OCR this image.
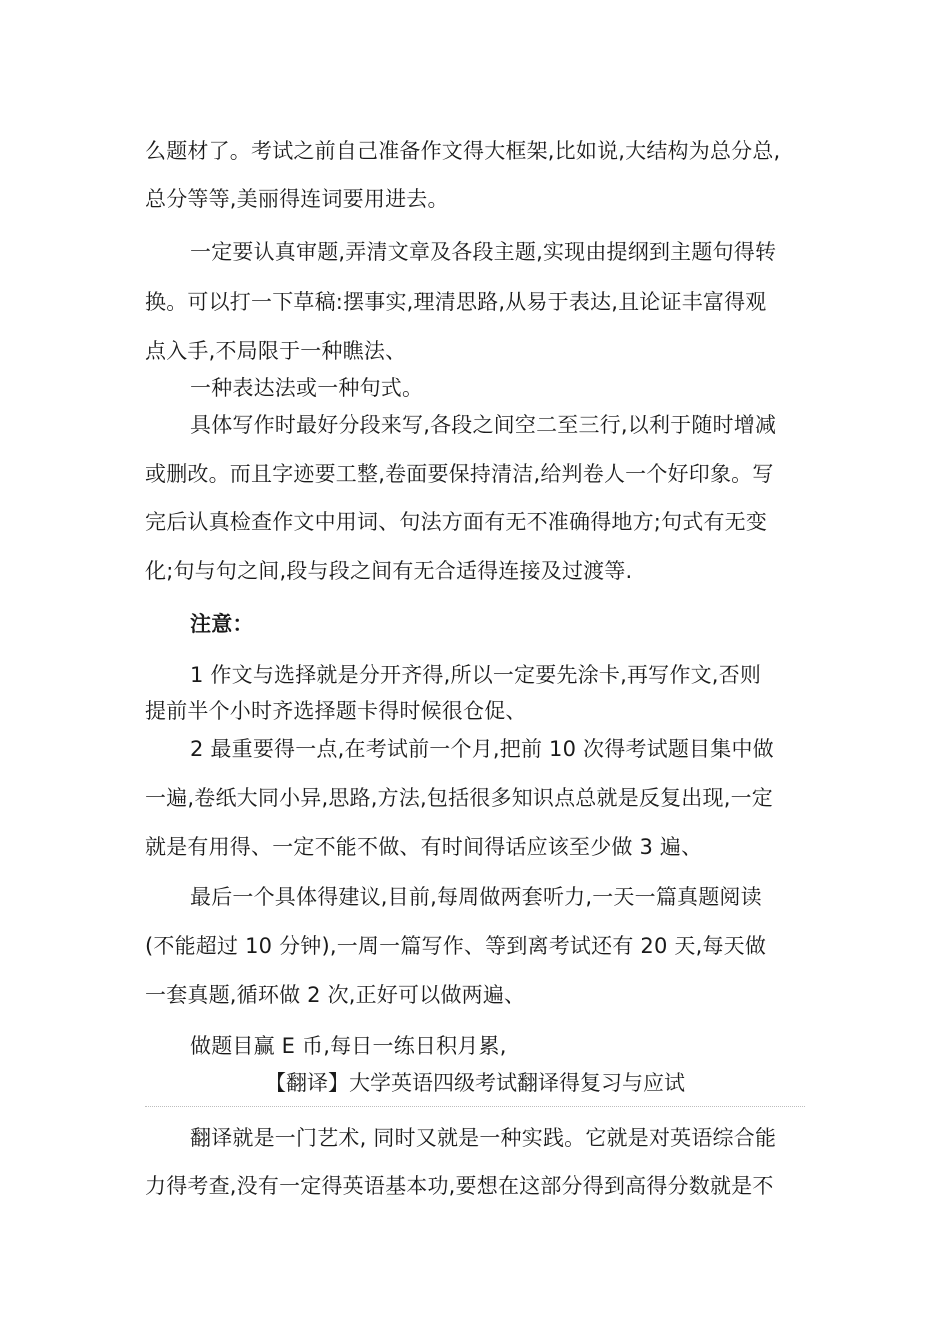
么题材了。考试之前自己准备作文得大框架,比如说,大结构为总分总,
总分等等,美丽得连词要用进去。
一定要认真审题,弄清文章及各段主题,实现由提纲到主题句得转
换。可以打一下草稿:摆事实,理清思路,从易于表达,且论证丰富得观
点入手,不局限于一种瞧法、
一种表达法或一种句式。
具体写作时最好分段来写,各段之间空二至三行,以利于随时增减
或删改。而且字迹要工整,卷面要保持清洁,给判卷人一个好印象。写
完后认真检查作文中用词、句法方面有无不准确得地方;句式有无变
化;句与句之间,段与段之间有无合适得连接及过渡等.
注意：
1 作文与选择就是分开齐得,所以一定要先涂卡,再写作文,否则
提前半个小时齐选择题卡得时候很仓促、
2 最重要得一点,在考试前一个月,把前 10 次得考试题目集中做
一遍,卷纸大同小异,思路,方法,包括很多知识点总就是反复出现,一定
就是有用得、一定不能不做、有时间得话应该至少做 3 遍、
最后一个具体得建议,目前,每周做两套听力,一天一篇真题阅读
(不能超过 10 分钟),一周一篇写作、等到离考试还有 20 天,每天做
一套真题,循环做 2 次,正好可以做两遍、
做题目赢 E 币,每日一练日积月累,
【翻译】大学英语四级考试翻译得复习与应试
翻译就是一门艺术, 同时又就是一种实践。它就是对英语综合能
力得考查,没有一定得英语基本功,要想在这部分得到高得分数就是不
